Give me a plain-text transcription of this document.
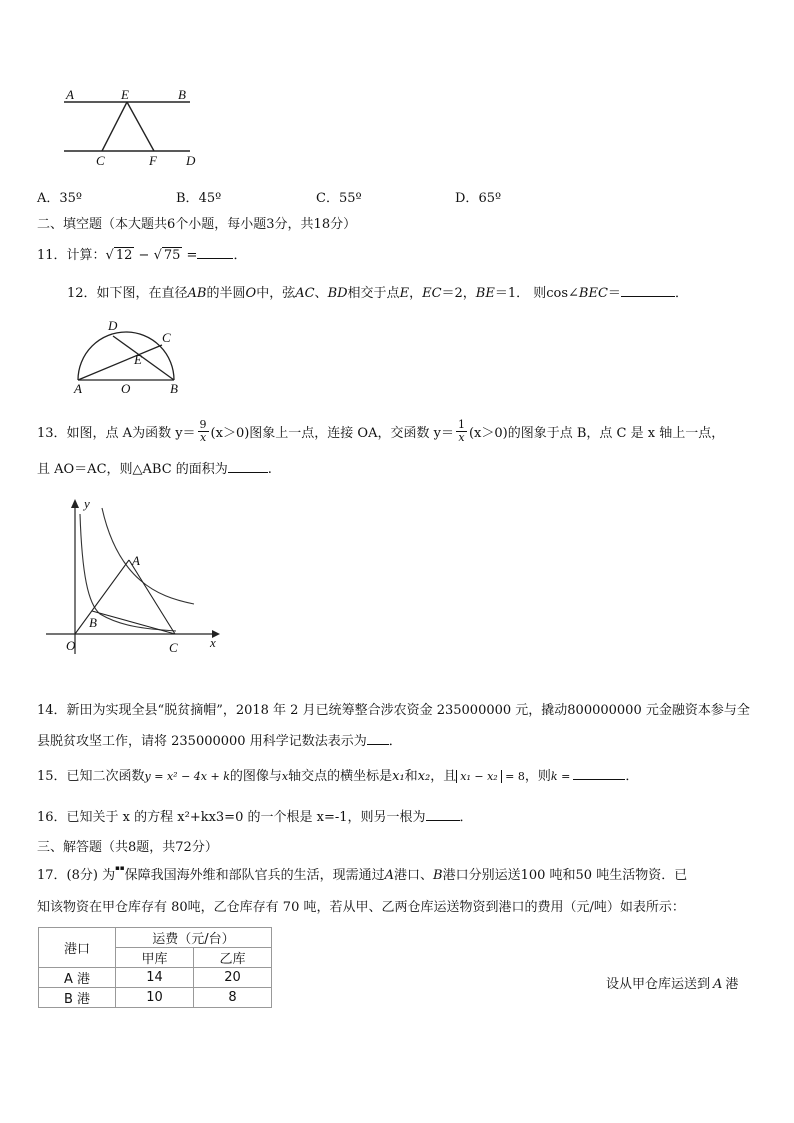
A	E	B
C	F D
A．35º	B．45º	C．55º	D．65º
二、填空题（本大题共6个小题，每小题3分，共18分）
11．计算：√ 12 − √ 75 =	．
12．如下图，在直径AB的半圆O中，弦AC、BD相交于点E，EC＝2，BE＝1． 则cos∠BEC＝	．
D
C
E
A	O	B
13．如图，点 A为函数 $y= \frac{9}{x} (x>0)$图象上一点，连接 OA，交函数 $y= \frac{1}{x} (x>0)$的图象于点 B，点 C 是 x 轴上一点，
且 AO＝AC，则△ABC 的面积为	.
y
x
A
B
O	C
14．新田为实现全县“脱贫摘帽”，2018 年 2 月已统筹整合涉农资金 235000000 元，撬动800000000 元金融资本参与全
县脱贫攻坚工作，请将 235000000 用科学记数法表示为 ．
15．已知二次函数y = x² − 4x + k的图像与x轴交点的横坐标是x₁和x₂，且 x₁ − x₂ = 8，则k =	．
16．已知关于 x 的方程 x²+kx3=0 的一个根是 x=-1，则另一根为	．
三、解答题（共8题，共72分）
17．(8分) 为▪▪保障我国海外维和部队官兵的生活，现需通过A港口、B港口分别运送100 吨和50 吨生活物资．已
知该物资在甲仓库存有 80吨，乙仓库存有 70 吨，若从甲、乙两仓库运送物资到港口的费用（元/吨）如表所示：
港口	运费（元/台）	
	甲库	乙库
A 港	14	20
B 港	10	8
设从甲仓库运送到 A 港
